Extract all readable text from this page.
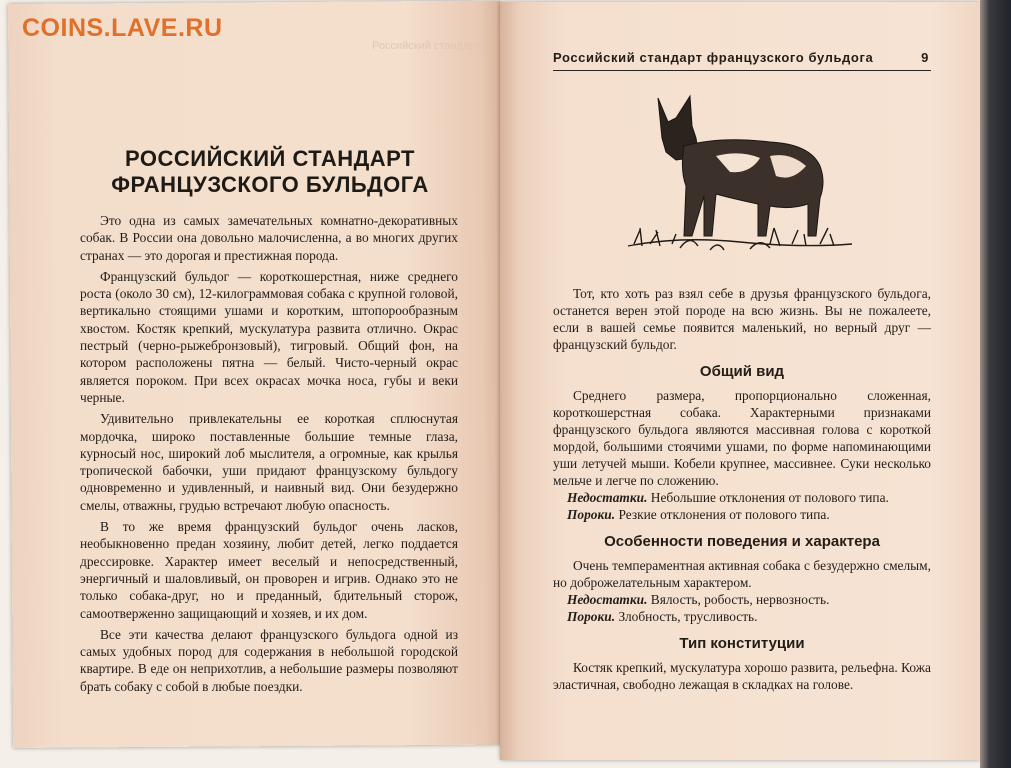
COINS.LAVE.RU
Российский стандарт
РОССИЙСКИЙ СТАНДАРТ
ФРАНЦУЗСКОГО БУЛЬДОГА

Это одна из самых замечательных комнатно-декоративных собак. В России она довольно малочисленна, а во многих других странах — это дорогая и престижная порода.

Французский бульдог — короткошерстная, ниже среднего роста (около 30 см), 12-килограммовая собака с крупной головой, вертикально стоящими ушами и коротким, штопорообразным хвостом. Костяк крепкий, мускулатура развита отлично. Окрас пестрый (черно-рыжебронзовый), тигровый. Общий фон, на котором расположены пятна — белый. Чисто-черный окрас является пороком. При всех окрасах мочка носа, губы и веки черные.

Удивительно привлекательны ее короткая сплюснутая мордочка, широко поставленные большие темные глаза, курносый нос, широкий лоб мыслителя, а огромные, как крылья тропической бабочки, уши придают французскому бульдогу одновременно и удивленный, и наивный вид. Они безудержно смелы, отважны, грудью встречают любую опасность.

В то же время французский бульдог очень ласков, необыкновенно предан хозяину, любит детей, легко поддается дрессировке. Характер имеет веселый и непосредственный, энергичный и шаловливый, он проворен и игрив. Однако это не только собака-друг, но и преданный, бдительный сторож, самоотверженно защищающий и хозяев, и их дом.

Все эти качества делают французского бульдога одной из самых удобных пород для содержания в небольшой городской квартире. В еде он неприхотлив, а небольшие размеры позволяют брать собаку с собой в любые поездки.

Российский стандарт французского бульдога	9

Тот, кто хоть раз взял себе в друзья французского бульдога, останется верен этой породе на всю жизнь. Вы не пожалеете, если в вашей семье появится маленький, но верный друг — французский бульдог.

Общий вид

Среднего размера, пропорционально сложенная, короткошерстная собака. Характерными признаками французского бульдога являются массивная голова с короткой мордой, большими стоячими ушами, по форме напоминающими уши летучей мыши. Кобели крупнее, массивнее. Суки несколько мельче и легче по сложению.

Недостатки. Небольшие отклонения от полового типа.

Пороки. Резкие отклонения от полового типа.

Особенности поведения и характера

Очень темпераментная активная собака с безудержно смелым, но доброжелательным характером.

Недостатки. Вялость, робость, нервозность.

Пороки. Злобность, трусливость.

Тип конституции

Костяк крепкий, мускулатура хорошо развита, рельефна. Кожа эластичная, свободно лежащая в складках на голове.
